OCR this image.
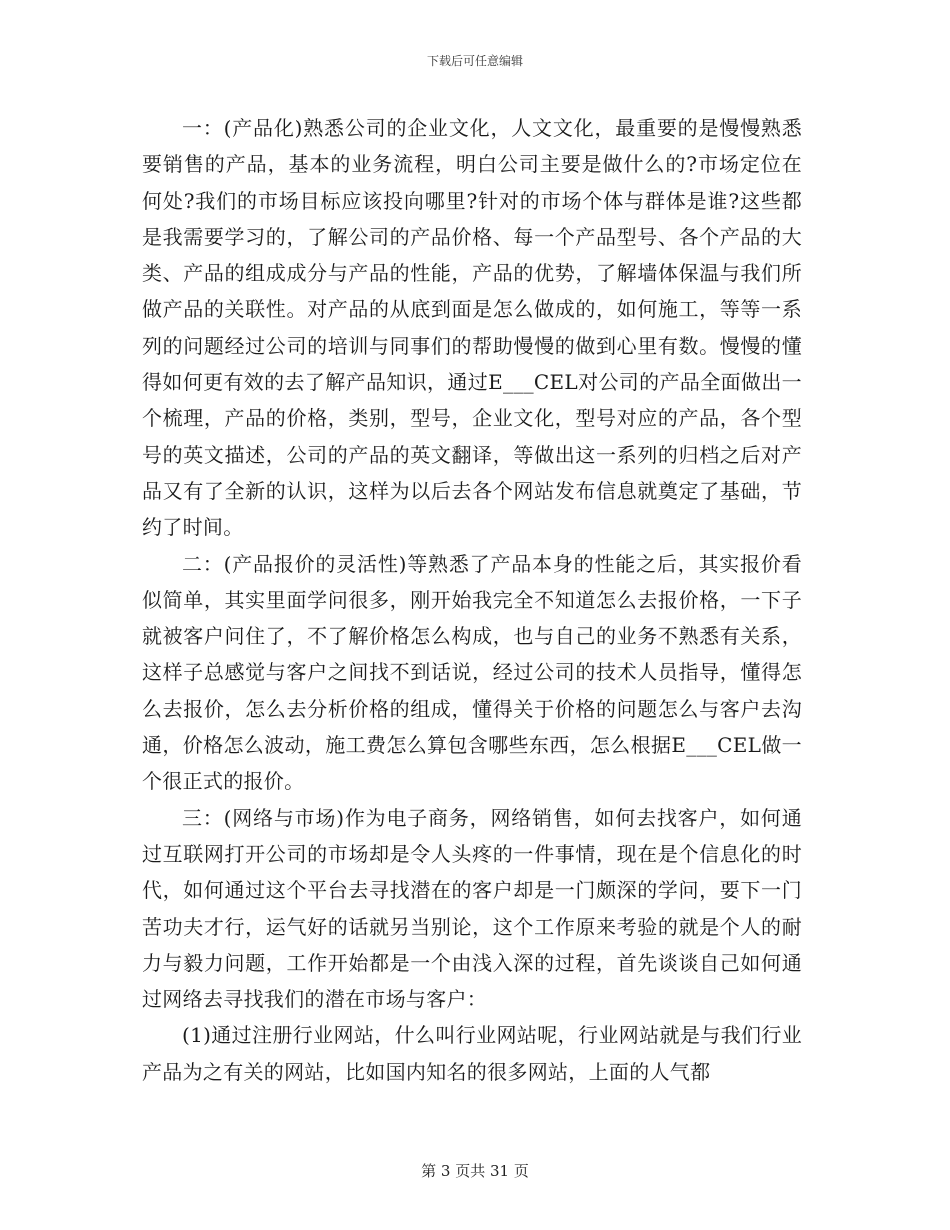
下载后可任意编辑

一：(产品化)熟悉公司的企业文化，人文文化，最重要的是慢慢熟悉要销售的产品，基本的业务流程，明白公司主要是做什么的?市场定位在何处?我们的市场目标应该投向哪里?针对的市场个体与群体是谁?这些都是我需要学习的，了解公司的产品价格、每一个产品型号、各个产品的大类、产品的组成成分与产品的性能，产品的优势，了解墙体保温与我们所做产品的关联性。对产品的从底到面是怎么做成的，如何施工，等等一系列的问题经过公司的培训与同事们的帮助慢慢的做到心里有数。慢慢的懂得如何更有效的去了解产品知识，通过E___CEL对公司的产品全面做出一个梳理，产品的价格，类别，型号，企业文化，型号对应的产品，各个型号的英文描述，公司的产品的英文翻译，等做出这一系列的归档之后对产品又有了全新的认识，这样为以后去各个网站发布信息就奠定了基础，节约了时间。

二：(产品报价的灵活性)等熟悉了产品本身的性能之后，其实报价看似简单，其实里面学问很多，刚开始我完全不知道怎么去报价格，一下子就被客户问住了，不了解价格怎么构成，也与自己的业务不熟悉有关系，这样子总感觉与客户之间找不到话说，经过公司的技术人员指导，懂得怎么去报价，怎么去分析价格的组成，懂得关于价格的问题怎么与客户去沟通，价格怎么波动，施工费怎么算包含哪些东西，怎么根据E___CEL做一个很正式的报价。

三：(网络与市场)作为电子商务，网络销售，如何去找客户，如何通过互联网打开公司的市场却是令人头疼的一件事情，现在是个信息化的时代，如何通过这个平台去寻找潜在的客户却是一门颇深的学问，要下一门苦功夫才行，运气好的话就另当别论，这个工作原来考验的就是个人的耐力与毅力问题，工作开始都是一个由浅入深的过程，首先谈谈自己如何通过网络去寻找我们的潜在市场与客户：

(1)通过注册行业网站，什么叫行业网站呢，行业网站就是与我们行业产品为之有关的网站，比如国内知名的很多网站，上面的人气都

第 3 页共 31 页
